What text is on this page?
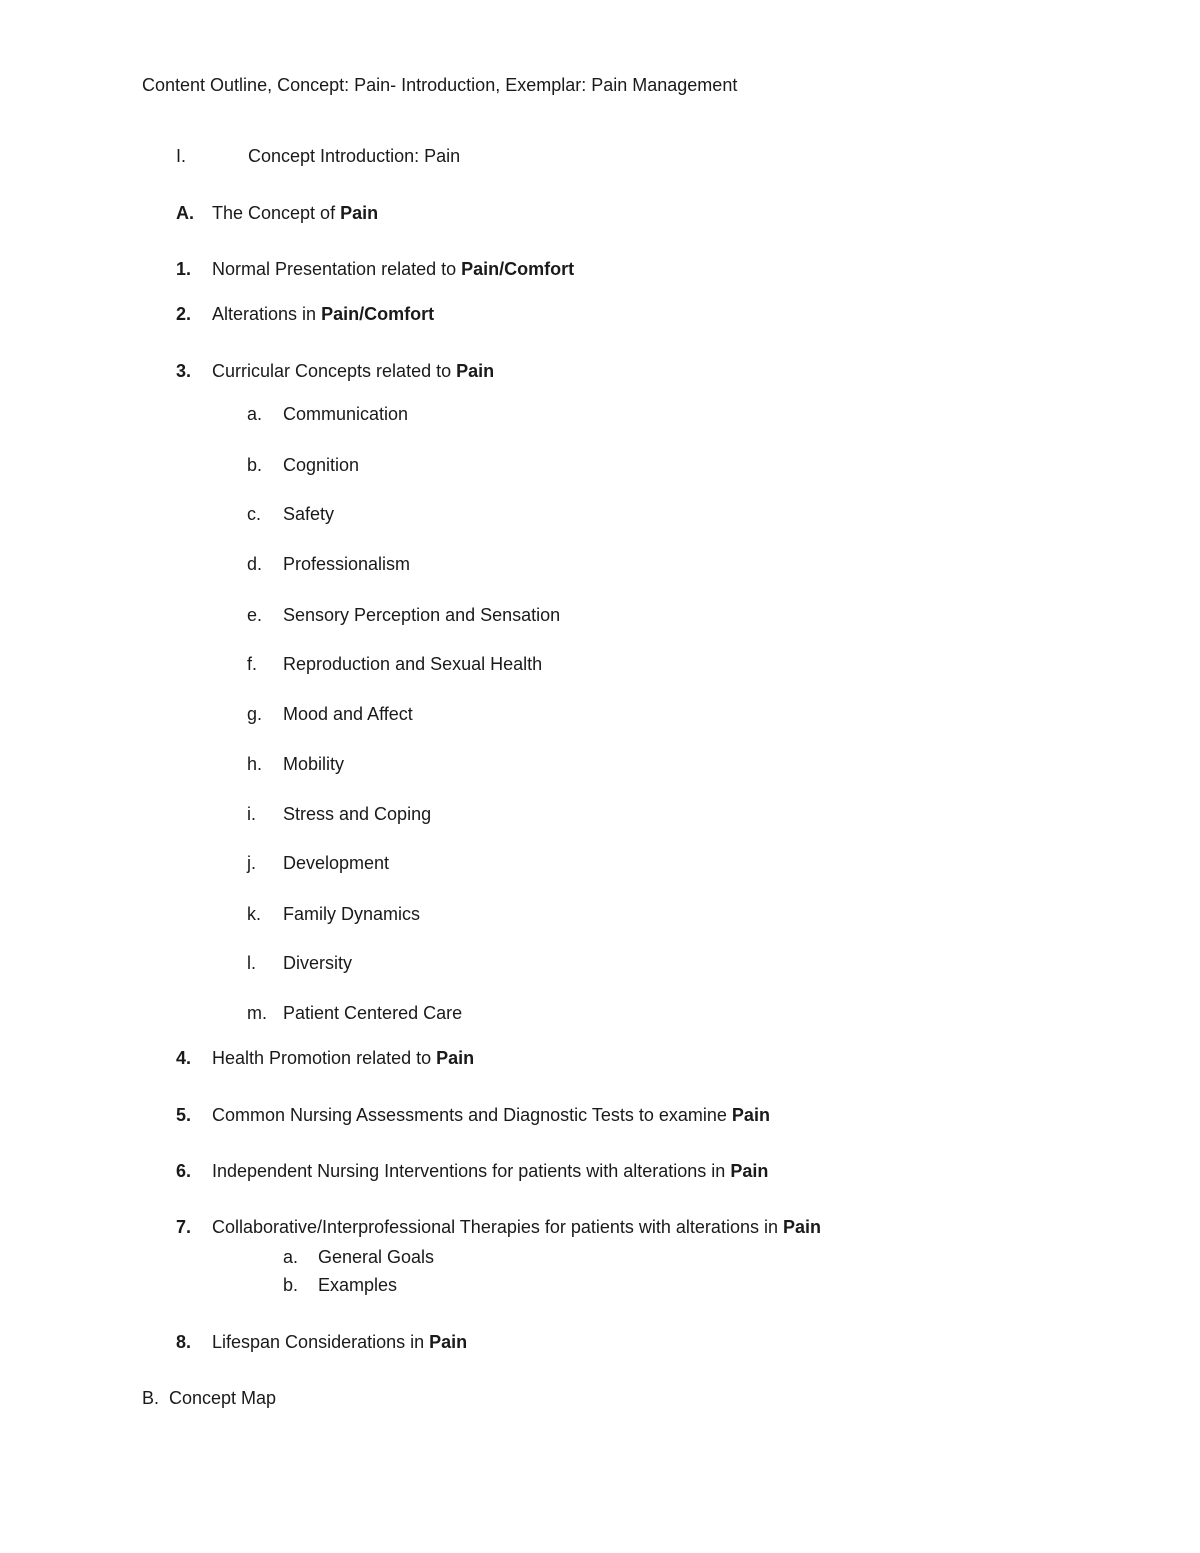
Content Outline, Concept: Pain- Introduction, Exemplar: Pain Management
I.	Concept Introduction: Pain
A. The Concept of Pain
1. Normal Presentation related to Pain/Comfort
2. Alterations in Pain/Comfort
3. Curricular Concepts related to Pain
a. Communication
b. Cognition
c. Safety
d. Professionalism
e. Sensory Perception and Sensation
f. Reproduction and Sexual Health
g. Mood and Affect
h. Mobility
i. Stress and Coping
j. Development
k. Family Dynamics
l. Diversity
m. Patient Centered Care
4. Health Promotion related to Pain
5. Common Nursing Assessments and Diagnostic Tests to examine Pain
6. Independent Nursing Interventions for patients with alterations in Pain
7. Collaborative/Interprofessional Therapies for patients with alterations in Pain
a. General Goals
b. Examples
8. Lifespan Considerations in Pain
B. Concept Map
